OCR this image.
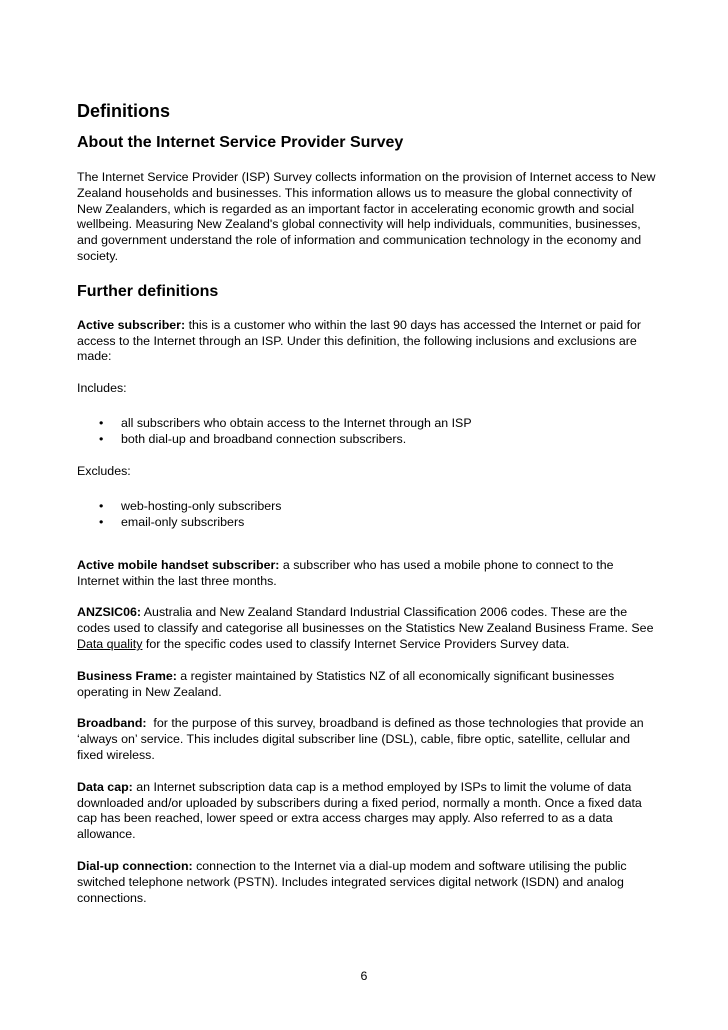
Definitions
About the Internet Service Provider Survey

The Internet Service Provider (ISP) Survey collects information on the provision of Internet access to New Zealand households and businesses. This information allows us to measure the global connectivity of New Zealanders, which is regarded as an important factor in accelerating economic growth and social wellbeing. Measuring New Zealand's global connectivity will help individuals, communities, businesses, and government understand the role of information and communication technology in the economy and society.

Further definitions

Active subscriber: this is a customer who within the last 90 days has accessed the Internet or paid for access to the Internet through an ISP. Under this definition, the following inclusions and exclusions are made:

Includes:

• all subscribers who obtain access to the Internet through an ISP
• both dial-up and broadband connection subscribers.

Excludes:

• web-hosting-only subscribers
• email-only subscribers

Active mobile handset subscriber: a subscriber who has used a mobile phone to connect to the Internet within the last three months.

ANZSIC06: Australia and New Zealand Standard Industrial Classification 2006 codes. These are the codes used to classify and categorise all businesses on the Statistics New Zealand Business Frame. See Data quality for the specific codes used to classify Internet Service Providers Survey data.

Business Frame: a register maintained by Statistics NZ of all economically significant businesses operating in New Zealand.

Broadband:  for the purpose of this survey, broadband is defined as those technologies that provide an ‘always on’ service. This includes digital subscriber line (DSL), cable, fibre optic, satellite, cellular and fixed wireless.

Data cap: an Internet subscription data cap is a method employed by ISPs to limit the volume of data downloaded and/or uploaded by subscribers during a fixed period, normally a month. Once a fixed data cap has been reached, lower speed or extra access charges may apply. Also referred to as a data allowance.

Dial-up connection: connection to the Internet via a dial-up modem and software utilising the public switched telephone network (PSTN). Includes integrated services digital network (ISDN) and analog connections.

6
